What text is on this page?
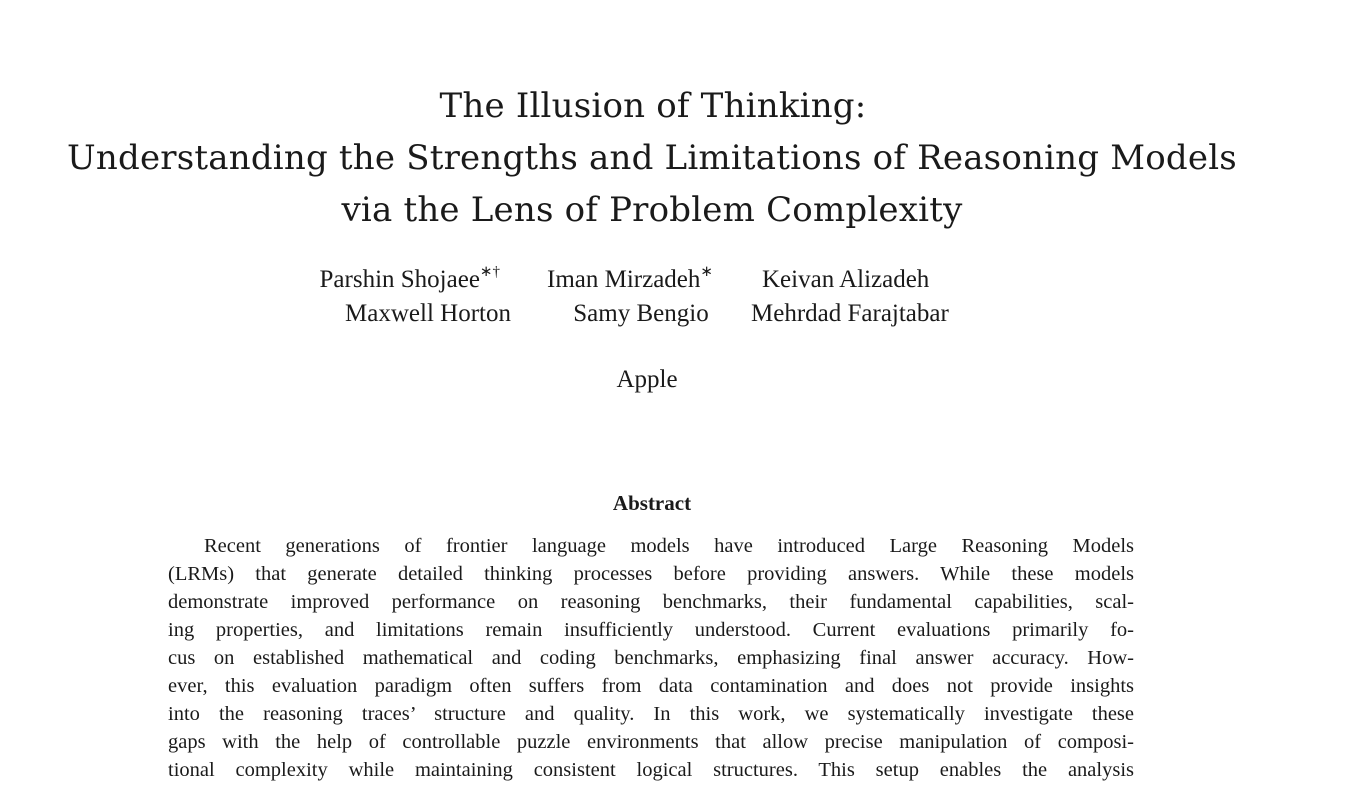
The Illusion of Thinking:
Understanding the Strengths and Limitations of Reasoning Models
via the Lens of Problem Complexity
Parshin Shojaee∗†	Iman Mirzadeh∗	Keivan Alizadeh
Maxwell Horton	Samy Bengio	Mehrdad Farajtabar
Apple
Abstract
Recent generations of frontier language models have introduced Large Reasoning Models
(LRMs) that generate detailed thinking processes before providing answers. While these models
demonstrate improved performance on reasoning benchmarks, their fundamental capabilities, scal-
ing properties, and limitations remain insufficiently understood. Current evaluations primarily fo-
cus on established mathematical and coding benchmarks, emphasizing final answer accuracy. How-
ever, this evaluation paradigm often suffers from data contamination and does not provide insights
into the reasoning traces’ structure and quality. In this work, we systematically investigate these
gaps with the help of controllable puzzle environments that allow precise manipulation of composi-
tional complexity while maintaining consistent logical structures. This setup enables the analysis
